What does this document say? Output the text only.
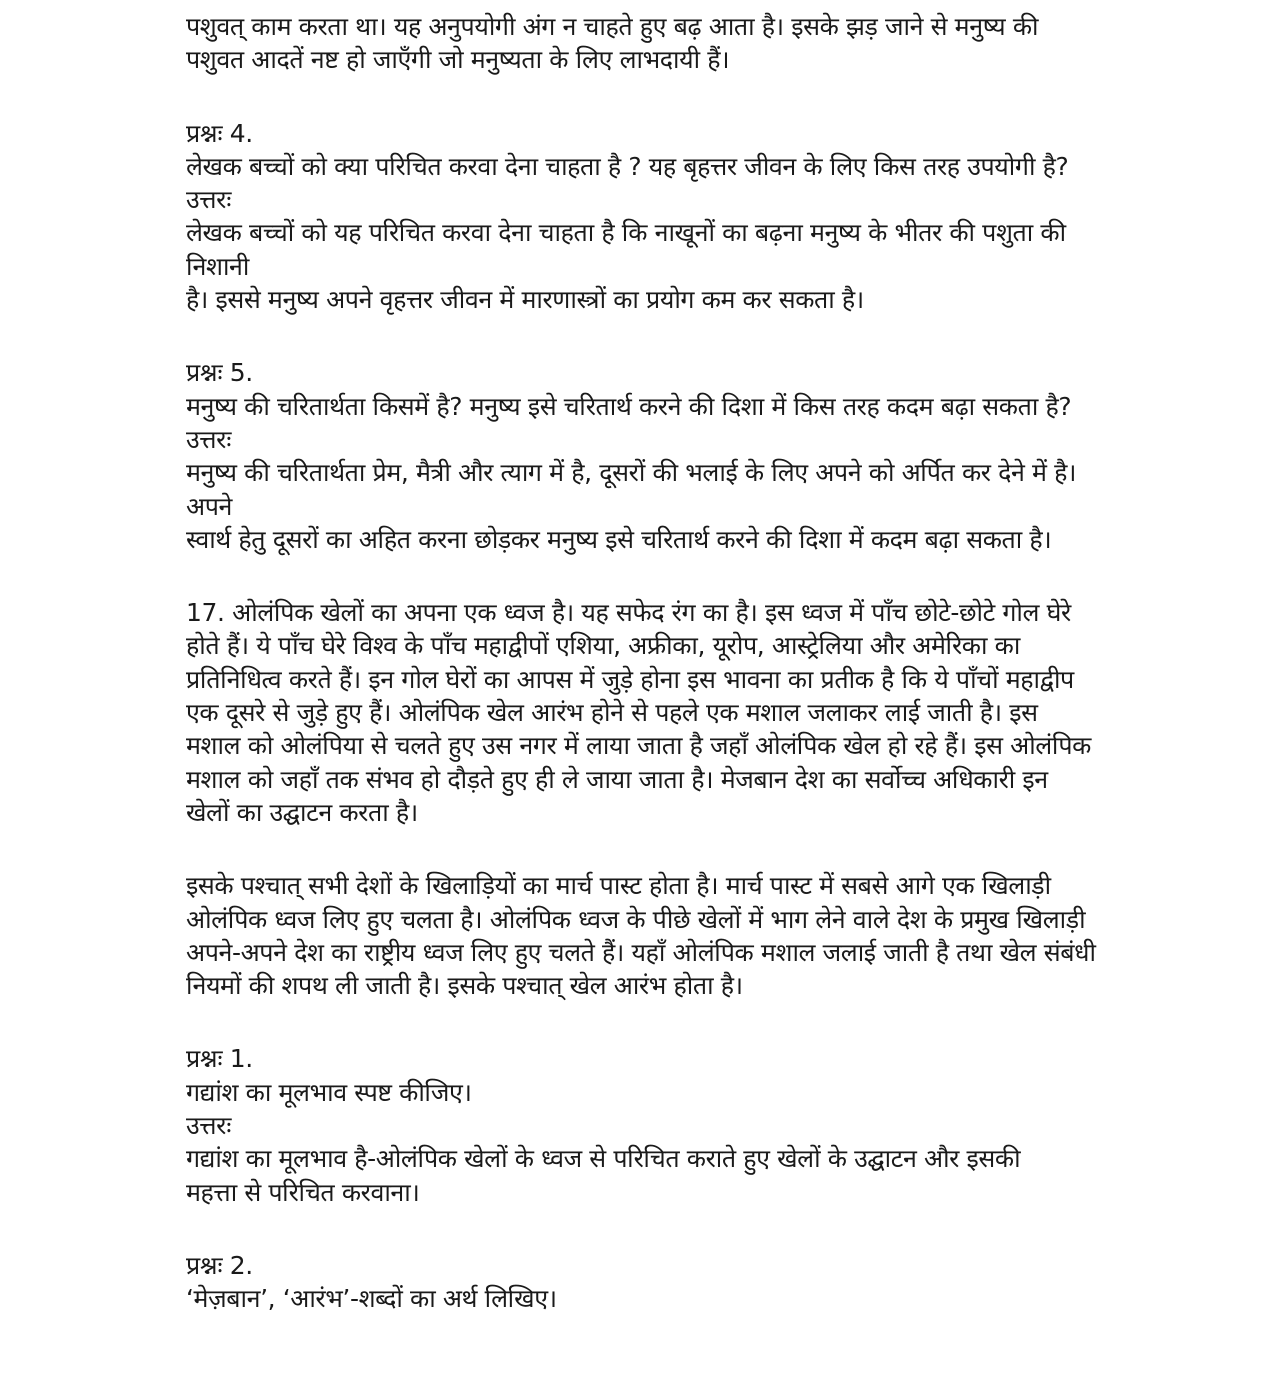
पशुवत् काम करता था। यह अनुपयोगी अंग न चाहते हुए बढ़ आता है। इसके झड़ जाने से मनुष्य की
पशुवत आदतें नष्ट हो जाएँगी जो मनुष्यता के लिए लाभदायी हैं।
प्रश्नः 4.
लेखक बच्चों को क्या परिचित करवा देना चाहता है ? यह बृहत्तर जीवन के लिए किस तरह उपयोगी है?
उत्तरः
लेखक बच्चों को यह परिचित करवा देना चाहता है कि नाखूनों का बढ़ना मनुष्य के भीतर की पशुता की
निशानी
है। इससे मनुष्य अपने वृहत्तर जीवन में मारणास्त्रों का प्रयोग कम कर सकता है।
प्रश्नः 5.
मनुष्य की चरितार्थता किसमें है? मनुष्य इसे चरितार्थ करने की दिशा में किस तरह कदम बढ़ा सकता है?
उत्तरः
मनुष्य की चरितार्थता प्रेम, मैत्री और त्याग में है, दूसरों की भलाई के लिए अपने को अर्पित कर देने में है।
अपने
स्वार्थ हेतु दूसरों का अहित करना छोड़कर मनुष्य इसे चरितार्थ करने की दिशा में कदम बढ़ा सकता है।
17. ओलंपिक खेलों का अपना एक ध्वज है। यह सफेद रंग का है। इस ध्वज में पाँच छोटे-छोटे गोल घेरे
होते हैं। ये पाँच घेरे विश्व के पाँच महाद्वीपों एशिया, अफ्रीका, यूरोप, आस्ट्रेलिया और अमेरिका का
प्रतिनिधित्व करते हैं। इन गोल घेरों का आपस में जुड़े होना इस भावना का प्रतीक है कि ये पाँचों महाद्वीप
एक दूसरे से जुड़े हुए हैं। ओलंपिक खेल आरंभ होने से पहले एक मशाल जलाकर लाई जाती है। इस
मशाल को ओलंपिया से चलते हुए उस नगर में लाया जाता है जहाँ ओलंपिक खेल हो रहे हैं। इस ओलंपिक
मशाल को जहाँ तक संभव हो दौड़ते हुए ही ले जाया जाता है। मेजबान देश का सर्वोच्च अधिकारी इन
खेलों का उद्घाटन करता है।
इसके पश्चात् सभी देशों के खिलाड़ियों का मार्च पास्ट होता है। मार्च पास्ट में सबसे आगे एक खिलाड़ी
ओलंपिक ध्वज लिए हुए चलता है। ओलंपिक ध्वज के पीछे खेलों में भाग लेने वाले देश के प्रमुख खिलाड़ी
अपने-अपने देश का राष्ट्रीय ध्वज लिए हुए चलते हैं। यहाँ ओलंपिक मशाल जलाई जाती है तथा खेल संबंधी
नियमों की शपथ ली जाती है। इसके पश्चात् खेल आरंभ होता है।
प्रश्नः 1.
गद्यांश का मूलभाव स्पष्ट कीजिए।
उत्तरः
गद्यांश का मूलभाव है-ओलंपिक खेलों के ध्वज से परिचित कराते हुए खेलों के उद्घाटन और इसकी
महत्ता से परिचित करवाना।
प्रश्नः 2.
‘मेज़बान’, ‘आरंभ’-शब्दों का अर्थ लिखिए।
